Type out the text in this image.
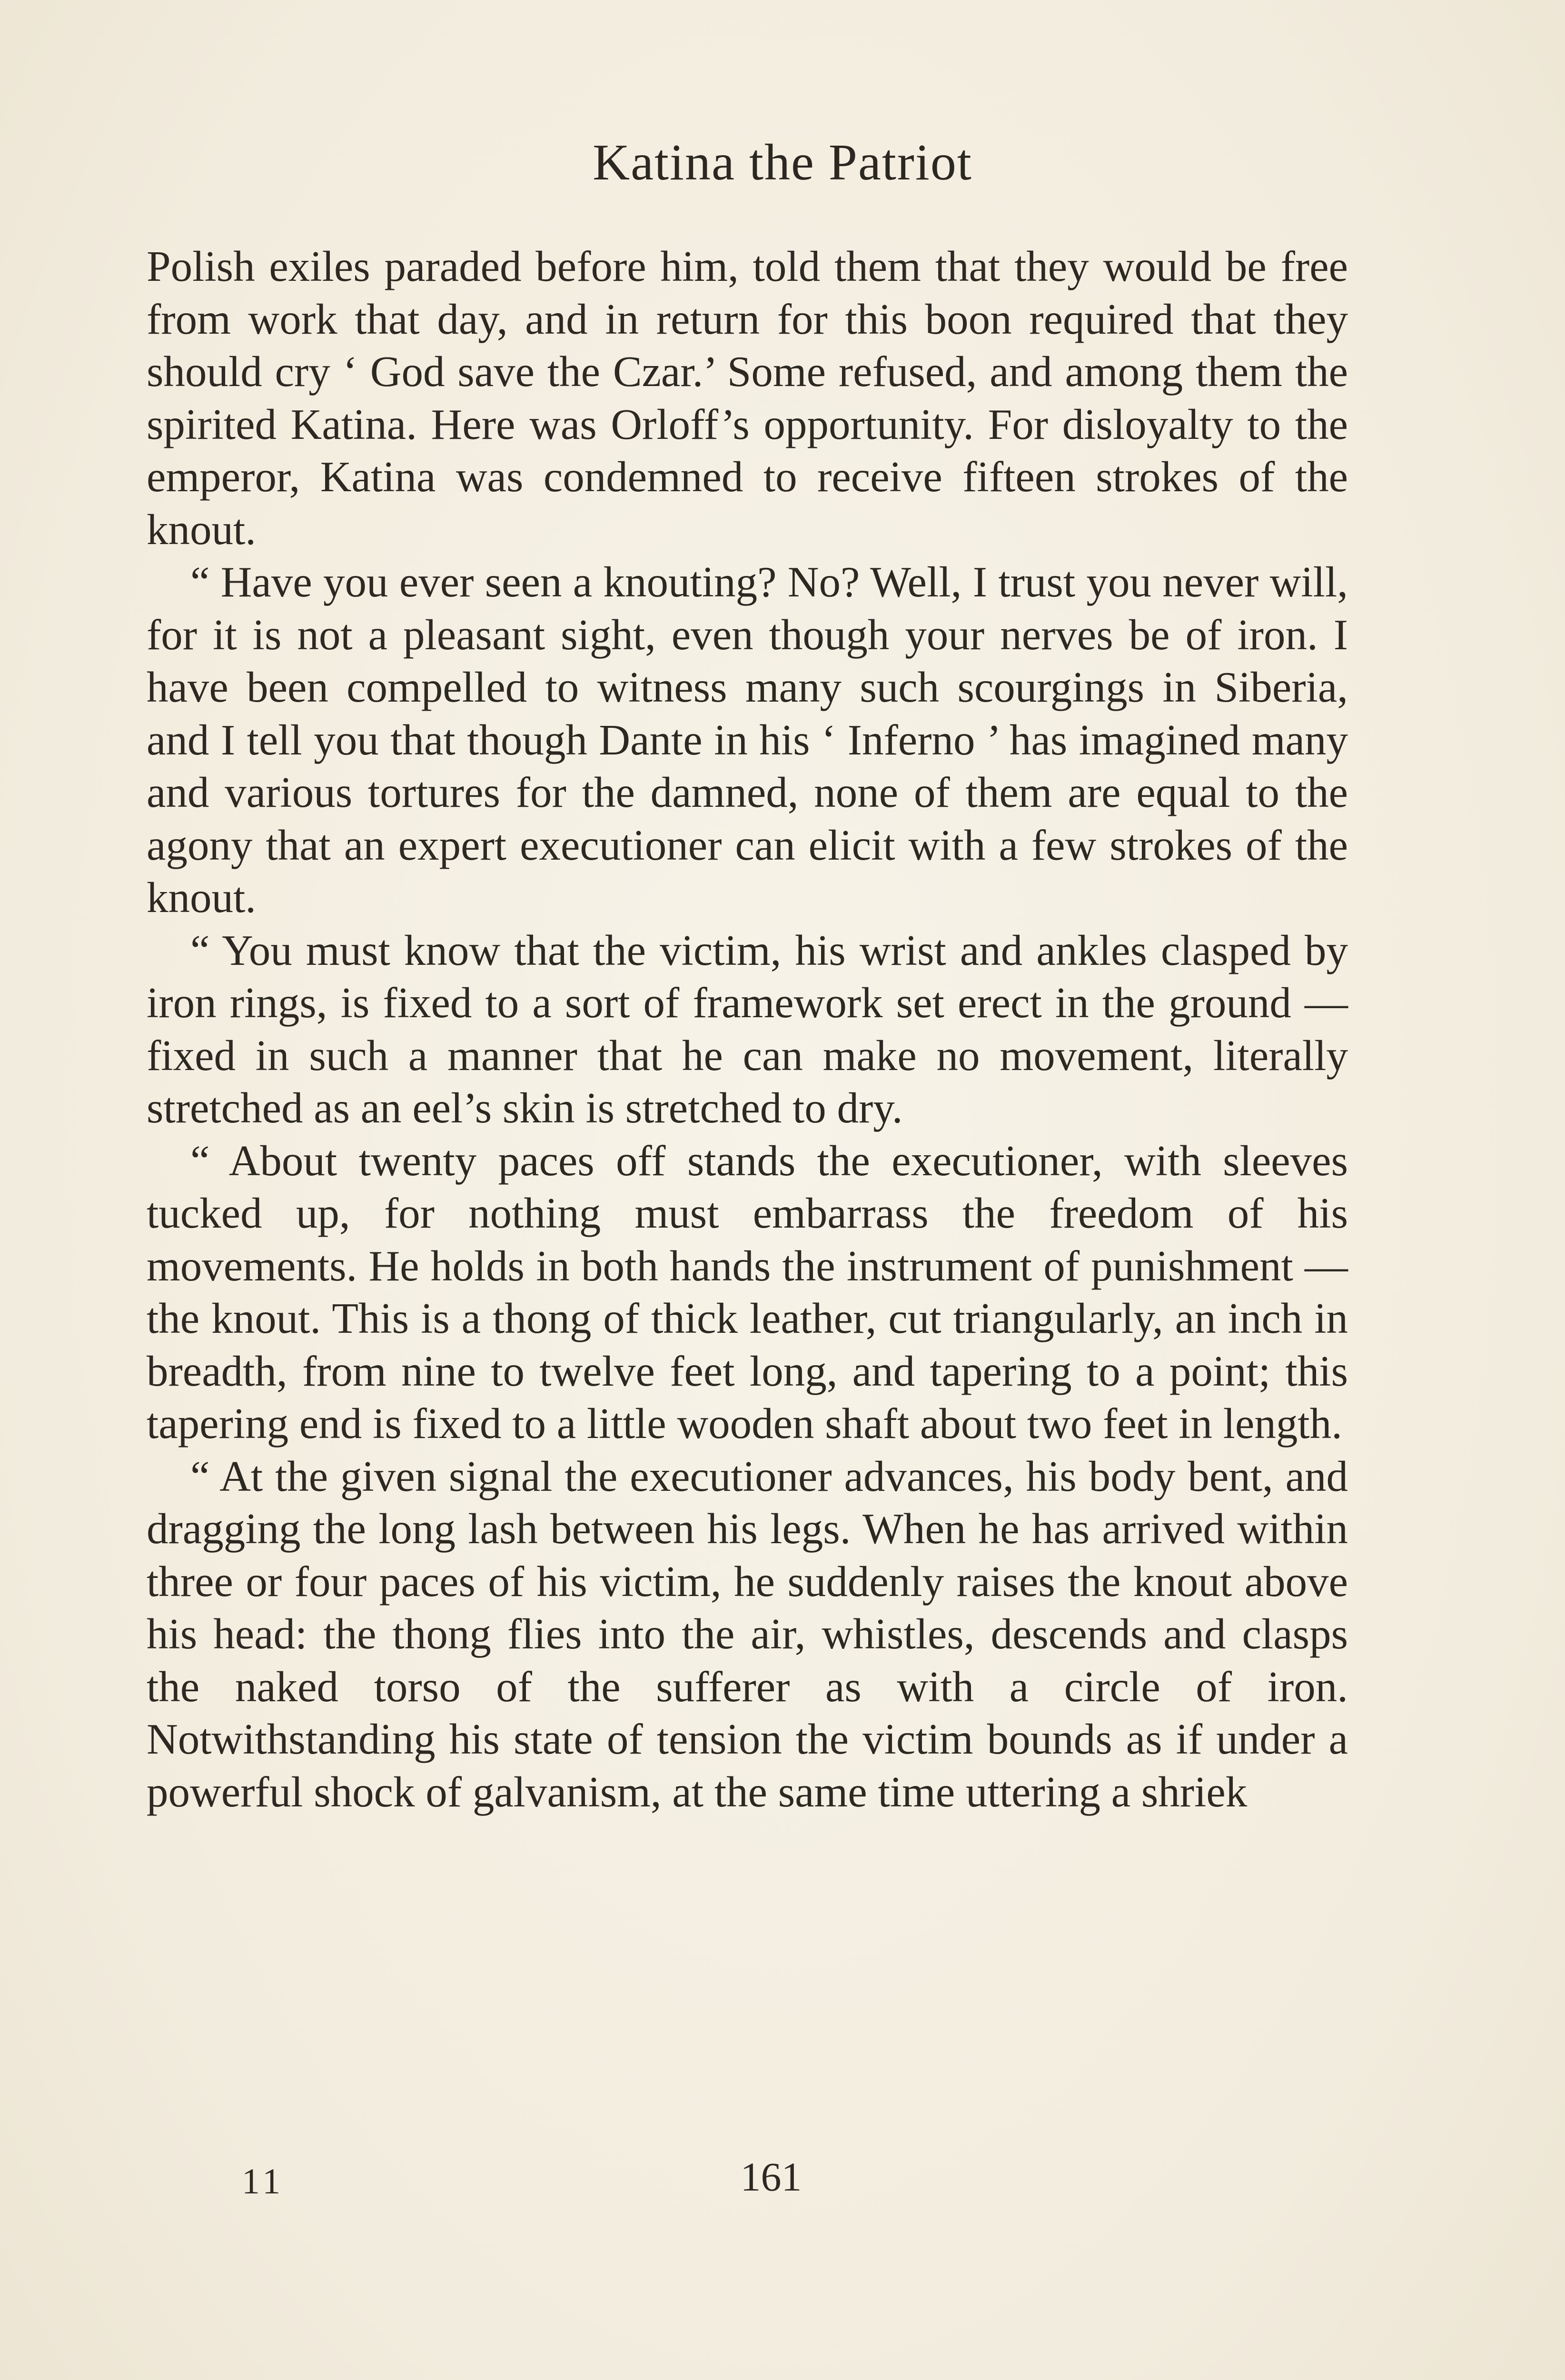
Katina the Patriot

Polish exiles paraded before him, told them that they would be free from work that day, and in return for this boon required that they should cry ‘ God save the Czar.’ Some refused, and among them the spirited Katina. Here was Orloff’s opportunity. For disloyalty to the emperor, Katina was condemned to receive fifteen strokes of the knout.

“ Have you ever seen a knouting? No? Well, I trust you never will, for it is not a pleasant sight, even though your nerves be of iron. I have been compelled to witness many such scourgings in Siberia, and I tell you that though Dante in his ‘ Inferno ’ has imagined many and various tortures for the damned, none of them are equal to the agony that an expert executioner can elicit with a few strokes of the knout.

“ You must know that the victim, his wrist and ankles clasped by iron rings, is fixed to a sort of framework set erect in the ground — fixed in such a manner that he can make no movement, literally stretched as an eel’s skin is stretched to dry.

“ About twenty paces off stands the executioner, with sleeves tucked up, for nothing must embarrass the freedom of his movements. He holds in both hands the instrument of punishment — the knout. This is a thong of thick leather, cut triangularly, an inch in breadth, from nine to twelve feet long, and tapering to a point; this tapering end is fixed to a little wooden shaft about two feet in length.

“ At the given signal the executioner advances, his body bent, and dragging the long lash between his legs. When he has arrived within three or four paces of his victim, he suddenly raises the knout above his head: the thong flies into the air, whistles, descends and clasps the naked torso of the sufferer as with a circle of iron. Notwithstanding his state of tension the victim bounds as if under a powerful shock of galvanism, at the same time uttering a shriek

11	161
